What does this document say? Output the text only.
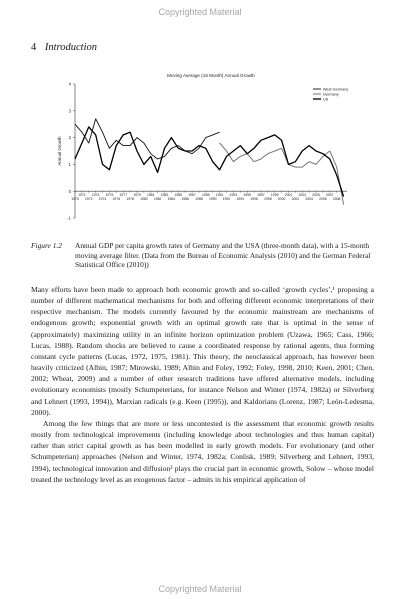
Copyrighted Material
4 Introduction
Moving Average (15 Month) Annual Growth
-1
0
1
2
3
4
Annual Growth
1971 1973 1975 1977 1979 1981 1983 1985 1987 1989 1991 1993 1995 1997 1999 2001 2003 2005 2007
1970 1972 1974 1976 1978 1980 1982 1984 1986 1988 1990 1992 1994 1996 1998 2000 2002 2004 2006 2008
West Germany
Germany
US
Figure 1.2 Annual GDP per capita growth rates of Germany and the USA (three-month data), with a 15-month moving average filter. (Data from the Bureau of Economic Analysis (2010) and the German Federal Statistical Office (2010))

Many efforts have been made to approach both economic growth and so-called ‘growth cycles’,¹ proposing a number of different mathematical mechanisms for both and offering different economic interpretations of their respective mechanism. The models currently favoured by the economic mainstream are mechanisms of endogenous growth; exponential growth with an optimal growth rate that is optimal in the sense of (approximately) maximizing utility in an infinite horizon optimization problem (Uzawa, 1965; Cass, 1966; Lucas, 1988). Random shocks are believed to cause a coordinated response by rational agents, thus forming constant cycle patterns (Lucas, 1972, 1975, 1981). This theory, the neoclassical approach, has however been heavily criticized (Albin, 1987; Mirowski, 1989; Albin and Foley, 1992; Foley, 1998, 2010; Keen, 2001; Chen, 2002; Wheat, 2009) and a number of other research traditions have offered alternative models, including evolutionary economists (mostly Schumpeterians, for instance Nelson and Winter (1974, 1982a) or Silverberg and Lehnert (1993, 1994)), Marxian radicals (e.g. Keen (1995)), and Kaldorians (Lorenz, 1987; León-Ledesma, 2000).

Among the few things that are more or less uncontested is the assessment that economic growth results mostly from technological improvements (including knowledge about technologies and thus human capital) rather than strict capital growth as has been modelled in early growth models. For evolutionary (and other Schumpeterian) approaches (Nelson and Winter, 1974, 1982a; Conlisk, 1989; Silverberg and Lehnert, 1993, 1994), technological innovation and diffusion² plays the crucial part in economic growth, Solow – whose model treated the technology level as an exogenous factor – admits in his empirical application of

Copyrighted Material
